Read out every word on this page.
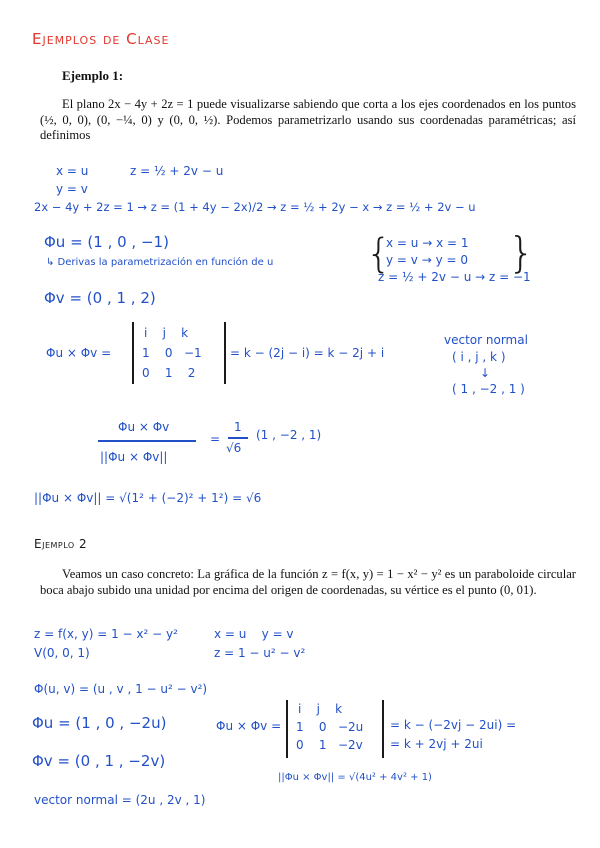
Ejemplos de Clase
Ejemplo 1:
El plano 2x − 4y + 2z = 1 puede visualizarse sabiendo que corta a los ejes coordenados en los puntos (½, 0, 0), (0, −¼, 0) y (0, 0, ½). Podemos parametrizarlo usando sus coordenadas paramétricas; así definimos
x = u	z = ½ + 2v − u
y = v
2x − 4y + 2z = 1 → z = (1 + 4y − 2x)/2 → z = ½ + 2y − x → z = ½ + 2v − u
Φu = (1 , 0 , −1)
↳ Derivas la parametrización en función de u {
x = u → x = 1
y = v → y = 0
z = ½ + 2v − u → z = −1
}
Φv = (0 , 1 , 2)
Φu × Φv =
i    j    k
1    0   −1
0    1    2
= k − (2j − i) = k − 2j + i
vector normal
( i , j , k )
↓
( 1 , −2 , 1 )
Φu × Φv
||Φu × Φv||
=
1
√6
(1 , −2 , 1)
||Φu × Φv|| = √(1² + (−2)² + 1²) = √6
Ejemplo 2
Veamos un caso concreto: La gráfica de la función z = f(x, y) = 1 − x² − y² es un paraboloide circular boca abajo subido una unidad por encima del origen de coordenadas, su vértice es el punto (0, 01).
z = f(x, y) = 1 − x² − y²	x = u    y = v
V(0, 0, 1)	z = 1 − u² − v²
Φ(u, v) = (u , v , 1 − u² − v²)
Φu = (1 , 0 , −2u)
Φv = (0 , 1 , −2v)
Φu × Φv =
i    j    k
1    0   −2u
0    1   −2v
= k − (−2vj − 2ui) =
= k + 2vj + 2ui
||Φu × Φv|| = √(4u² + 4v² + 1)
vector normal = (2u , 2v , 1)
